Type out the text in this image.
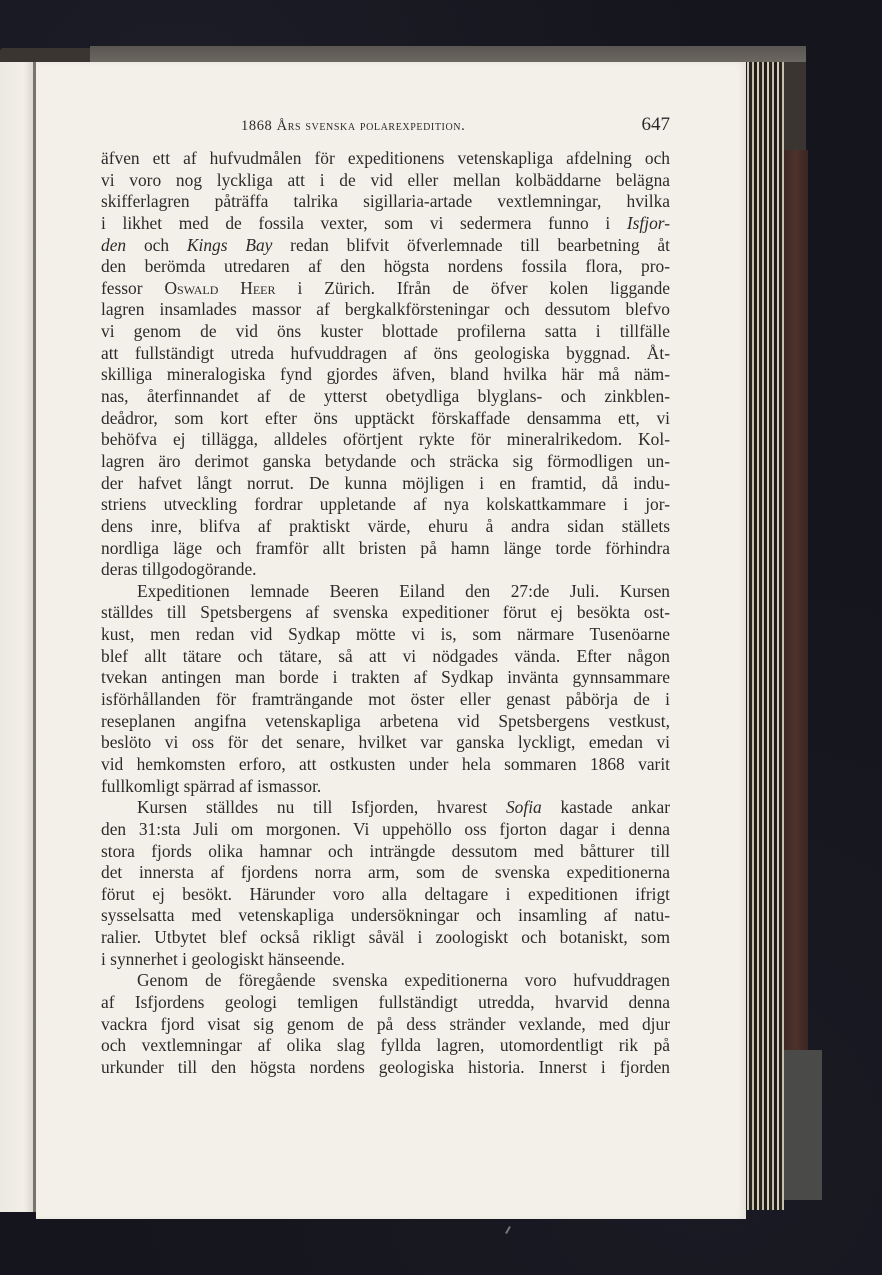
1868 Års svenska polarexpedition.	647
äfven ett af hufvudmålen för expeditionens vetenskapliga afdelning och
vi voro nog lyckliga att i de vid eller mellan kolbäddarne belägna
skifferlagren påträffa talrika sigillaria-artade vextlemningar, hvilka
i likhet med de fossila vexter, som vi sedermera funno i Isfjor-
den och Kings Bay redan blifvit öfverlemnade till bearbetning åt
den berömda utredaren af den högsta nordens fossila flora, pro-
fessor Oswald Heer i Zürich. Ifrån de öfver kolen liggande
lagren insamlades massor af bergkalkförsteningar och dessutom blefvo
vi genom de vid öns kuster blottade profilerna satta i tillfälle
att fullständigt utreda hufvuddragen af öns geologiska byggnad. Åt-
skilliga mineralogiska fynd gjordes äfven, bland hvilka här må näm-
nas, återfinnandet af de ytterst obetydliga blyglans- och zinkblen-
deådror, som kort efter öns upptäckt förskaffade densamma ett, vi
behöfva ej tillägga, alldeles oförtjent rykte för mineralrikedom. Kol-
lagren äro derimot ganska betydande och sträcka sig förmodligen un-
der hafvet långt norrut. De kunna möjligen i en framtid, då indu-
striens utveckling fordrar uppletande af nya kolskattkammare i jor-
dens inre, blifva af praktiskt värde, ehuru å andra sidan ställets
nordliga läge och framför allt bristen på hamn länge torde förhindra
deras tillgodogörande.
Expeditionen lemnade Beeren Eiland den 27:de Juli. Kursen
ställdes till Spetsbergens af svenska expeditioner förut ej besökta ost-
kust, men redan vid Sydkap mötte vi is, som närmare Tusenöarne
blef allt tätare och tätare, så att vi nödgades vända. Efter någon
tvekan antingen man borde i trakten af Sydkap invänta gynnsammare
isförhållanden för framträngande mot öster eller genast påbörja de i
reseplanen angifna vetenskapliga arbetena vid Spetsbergens vestkust,
beslöto vi oss för det senare, hvilket var ganska lyckligt, emedan vi
vid hemkomsten erforo, att ostkusten under hela sommaren 1868 varit
fullkomligt spärrad af ismassor.
Kursen ställdes nu till Isfjorden, hvarest Sofia kastade ankar
den 31:sta Juli om morgonen. Vi uppehöllo oss fjorton dagar i denna
stora fjords olika hamnar och inträngde dessutom med båtturer till
det innersta af fjordens norra arm, som de svenska expeditionerna
förut ej besökt. Härunder voro alla deltagare i expeditionen ifrigt
sysselsatta med vetenskapliga undersökningar och insamling af natu-
ralier. Utbytet blef också rikligt såväl i zoologiskt och botaniskt, som
i synnerhet i geologiskt hänseende.
Genom de föregående svenska expeditionerna voro hufvuddragen
af Isfjordens geologi temligen fullständigt utredda, hvarvid denna
vackra fjord visat sig genom de på dess stränder vexlande, med djur
och vextlemningar af olika slag fyllda lagren, utomordentligt rik på
urkunder till den högsta nordens geologiska historia. Innerst i fjorden
